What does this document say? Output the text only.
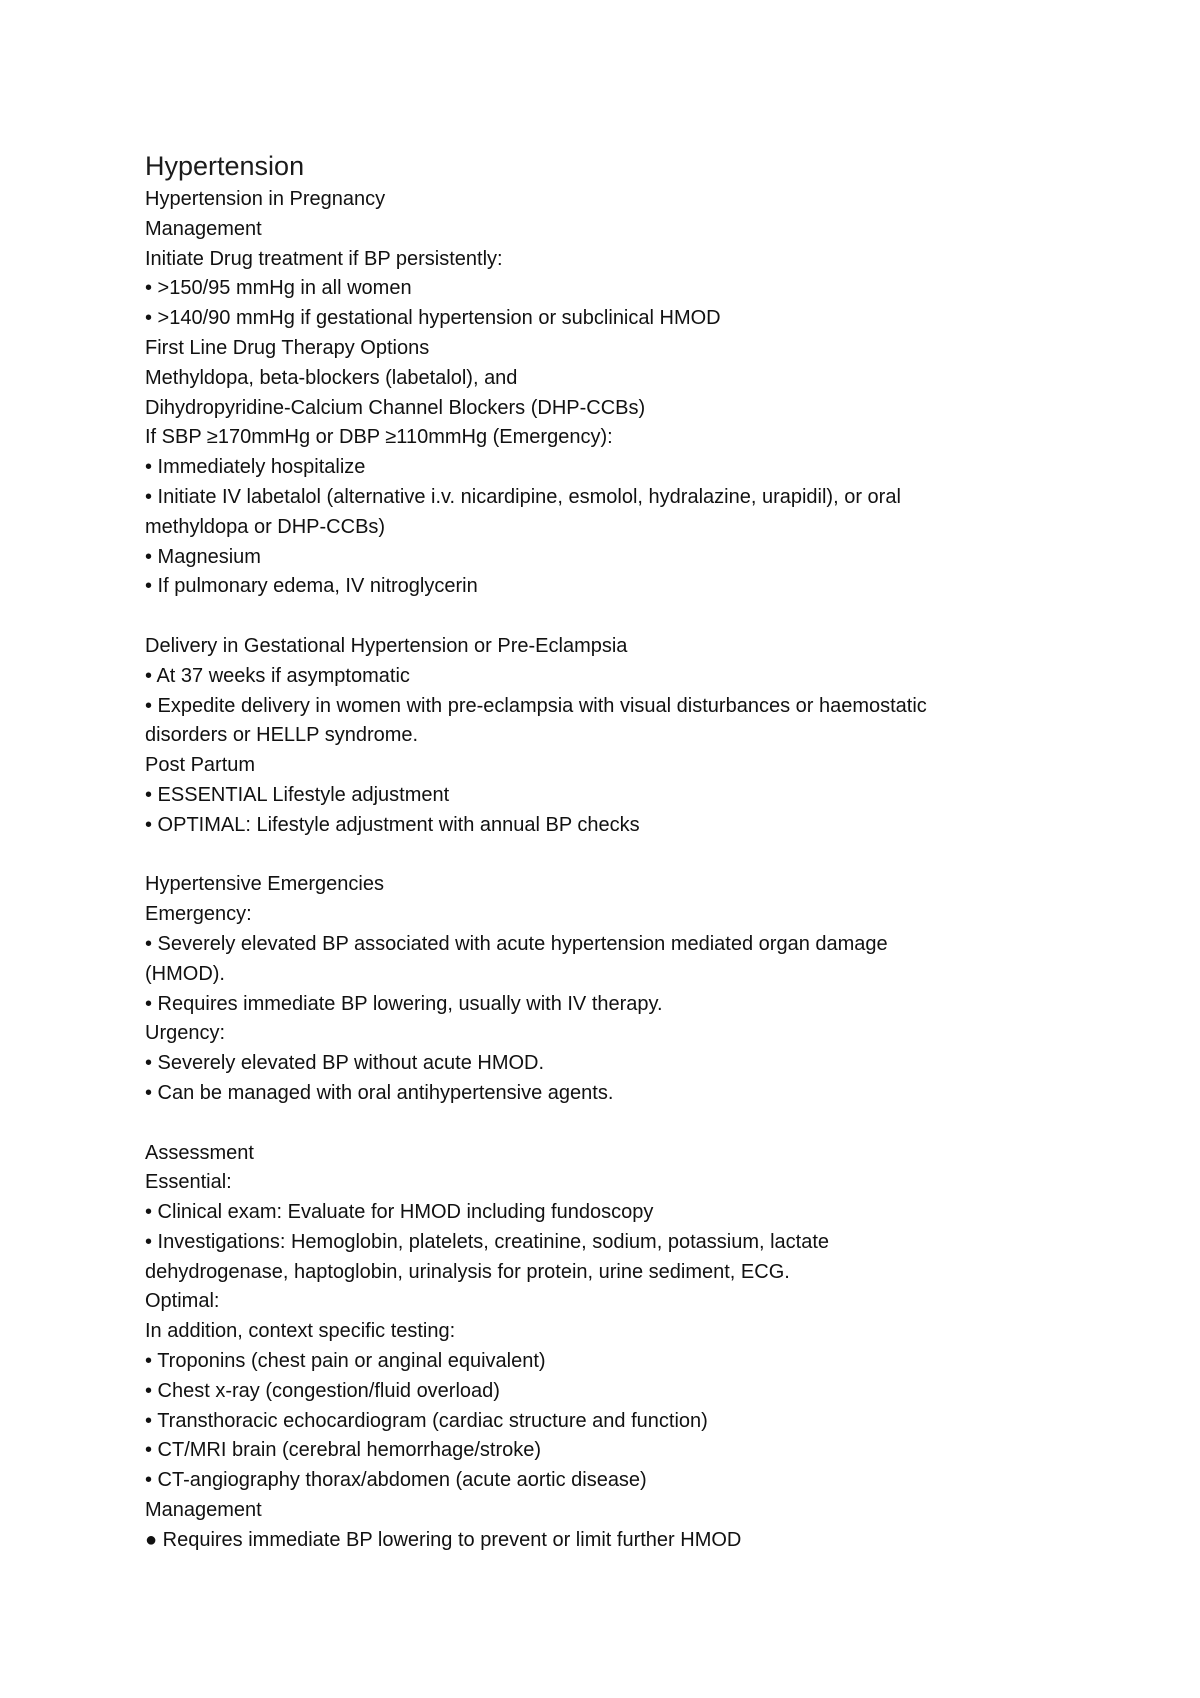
Hypertension
Hypertension in Pregnancy
Management
Initiate Drug treatment if BP persistently:
• >150/95 mmHg in all women
• >140/90 mmHg if gestational hypertension or subclinical HMOD
First Line Drug Therapy Options
Methyldopa, beta-blockers (labetalol), and
Dihydropyridine-Calcium Channel Blockers (DHP-CCBs)
If SBP ≥170mmHg or DBP ≥110mmHg (Emergency):
• Immediately hospitalize
• Initiate IV labetalol (alternative i.v. nicardipine, esmolol, hydralazine, urapidil), or oral
methyldopa or DHP-CCBs)
• Magnesium
• If pulmonary edema, IV nitroglycerin
Delivery in Gestational Hypertension or Pre-Eclampsia
• At 37 weeks if asymptomatic
• Expedite delivery in women with pre-eclampsia with visual disturbances or haemostatic
disorders or HELLP syndrome.
Post Partum
• ESSENTIAL Lifestyle adjustment
• OPTIMAL: Lifestyle adjustment with annual BP checks
Hypertensive Emergencies
Emergency:
• Severely elevated BP associated with acute hypertension mediated organ damage
(HMOD).
• Requires immediate BP lowering, usually with IV therapy.
Urgency:
• Severely elevated BP without acute HMOD.
• Can be managed with oral antihypertensive agents.
Assessment
Essential:
• Clinical exam: Evaluate for HMOD including fundoscopy
• Investigations: Hemoglobin, platelets, creatinine, sodium, potassium, lactate
dehydrogenase, haptoglobin, urinalysis for protein, urine sediment, ECG.
Optimal:
In addition, context specific testing:
• Troponins (chest pain or anginal equivalent)
• Chest x-ray (congestion/fluid overload)
• Transthoracic echocardiogram (cardiac structure and function)
• CT/MRI brain (cerebral hemorrhage/stroke)
• CT-angiography thorax/abdomen (acute aortic disease)
Management
● Requires immediate BP lowering to prevent or limit further HMOD
